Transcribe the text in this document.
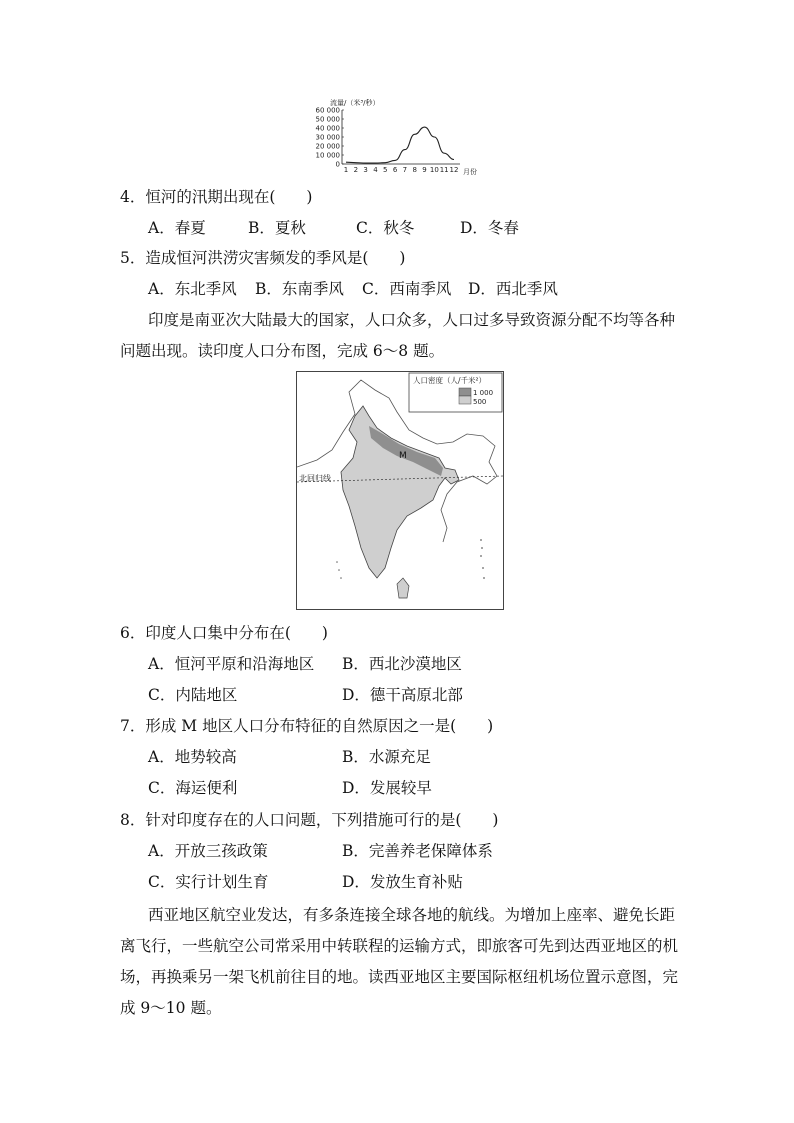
流量/（米³/秒）
60 000
50 000
40 000
30 000
20 000
10 000
0
1 2 3 4 5 6 7 8 9 10 11 12 月份
4．恒河的汛期出现在(　　)
A．春夏	B．夏秋	C．秋冬	D．冬春
5．造成恒河洪涝灾害频发的季风是(　　)
A．东北季风 B．东南季风 C．西南季风 D．西北季风
印度是南亚次大陆最大的国家，人口众多，人口过多导致资源分配不均等各种问题出现。读印度人口分布图，完成 6～8 题。
北回归线
M
人口密度（人/千米²）
1 000
500
6．印度人口集中分布在(　　)
A．恒河平原和沿海地区 B．西北沙漠地区
C．内陆地区	D．德干高原北部
7．形成 M 地区人口分布特征的自然原因之一是(　　)
A．地势较高	B．水源充足
C．海运便利	D．发展较早
8．针对印度存在的人口问题，下列措施可行的是(　　)
A．开放三孩政策	B．完善养老保障体系
C．实行计划生育	D．发放生育补贴
西亚地区航空业发达，有多条连接全球各地的航线。为增加上座率、避免长距离飞行，一些航空公司常采用中转联程的运输方式，即旅客可先到达西亚地区的机场，再换乘另一架飞机前往目的地。读西亚地区主要国际枢纽机场位置示意图，完成 9～10 题。
